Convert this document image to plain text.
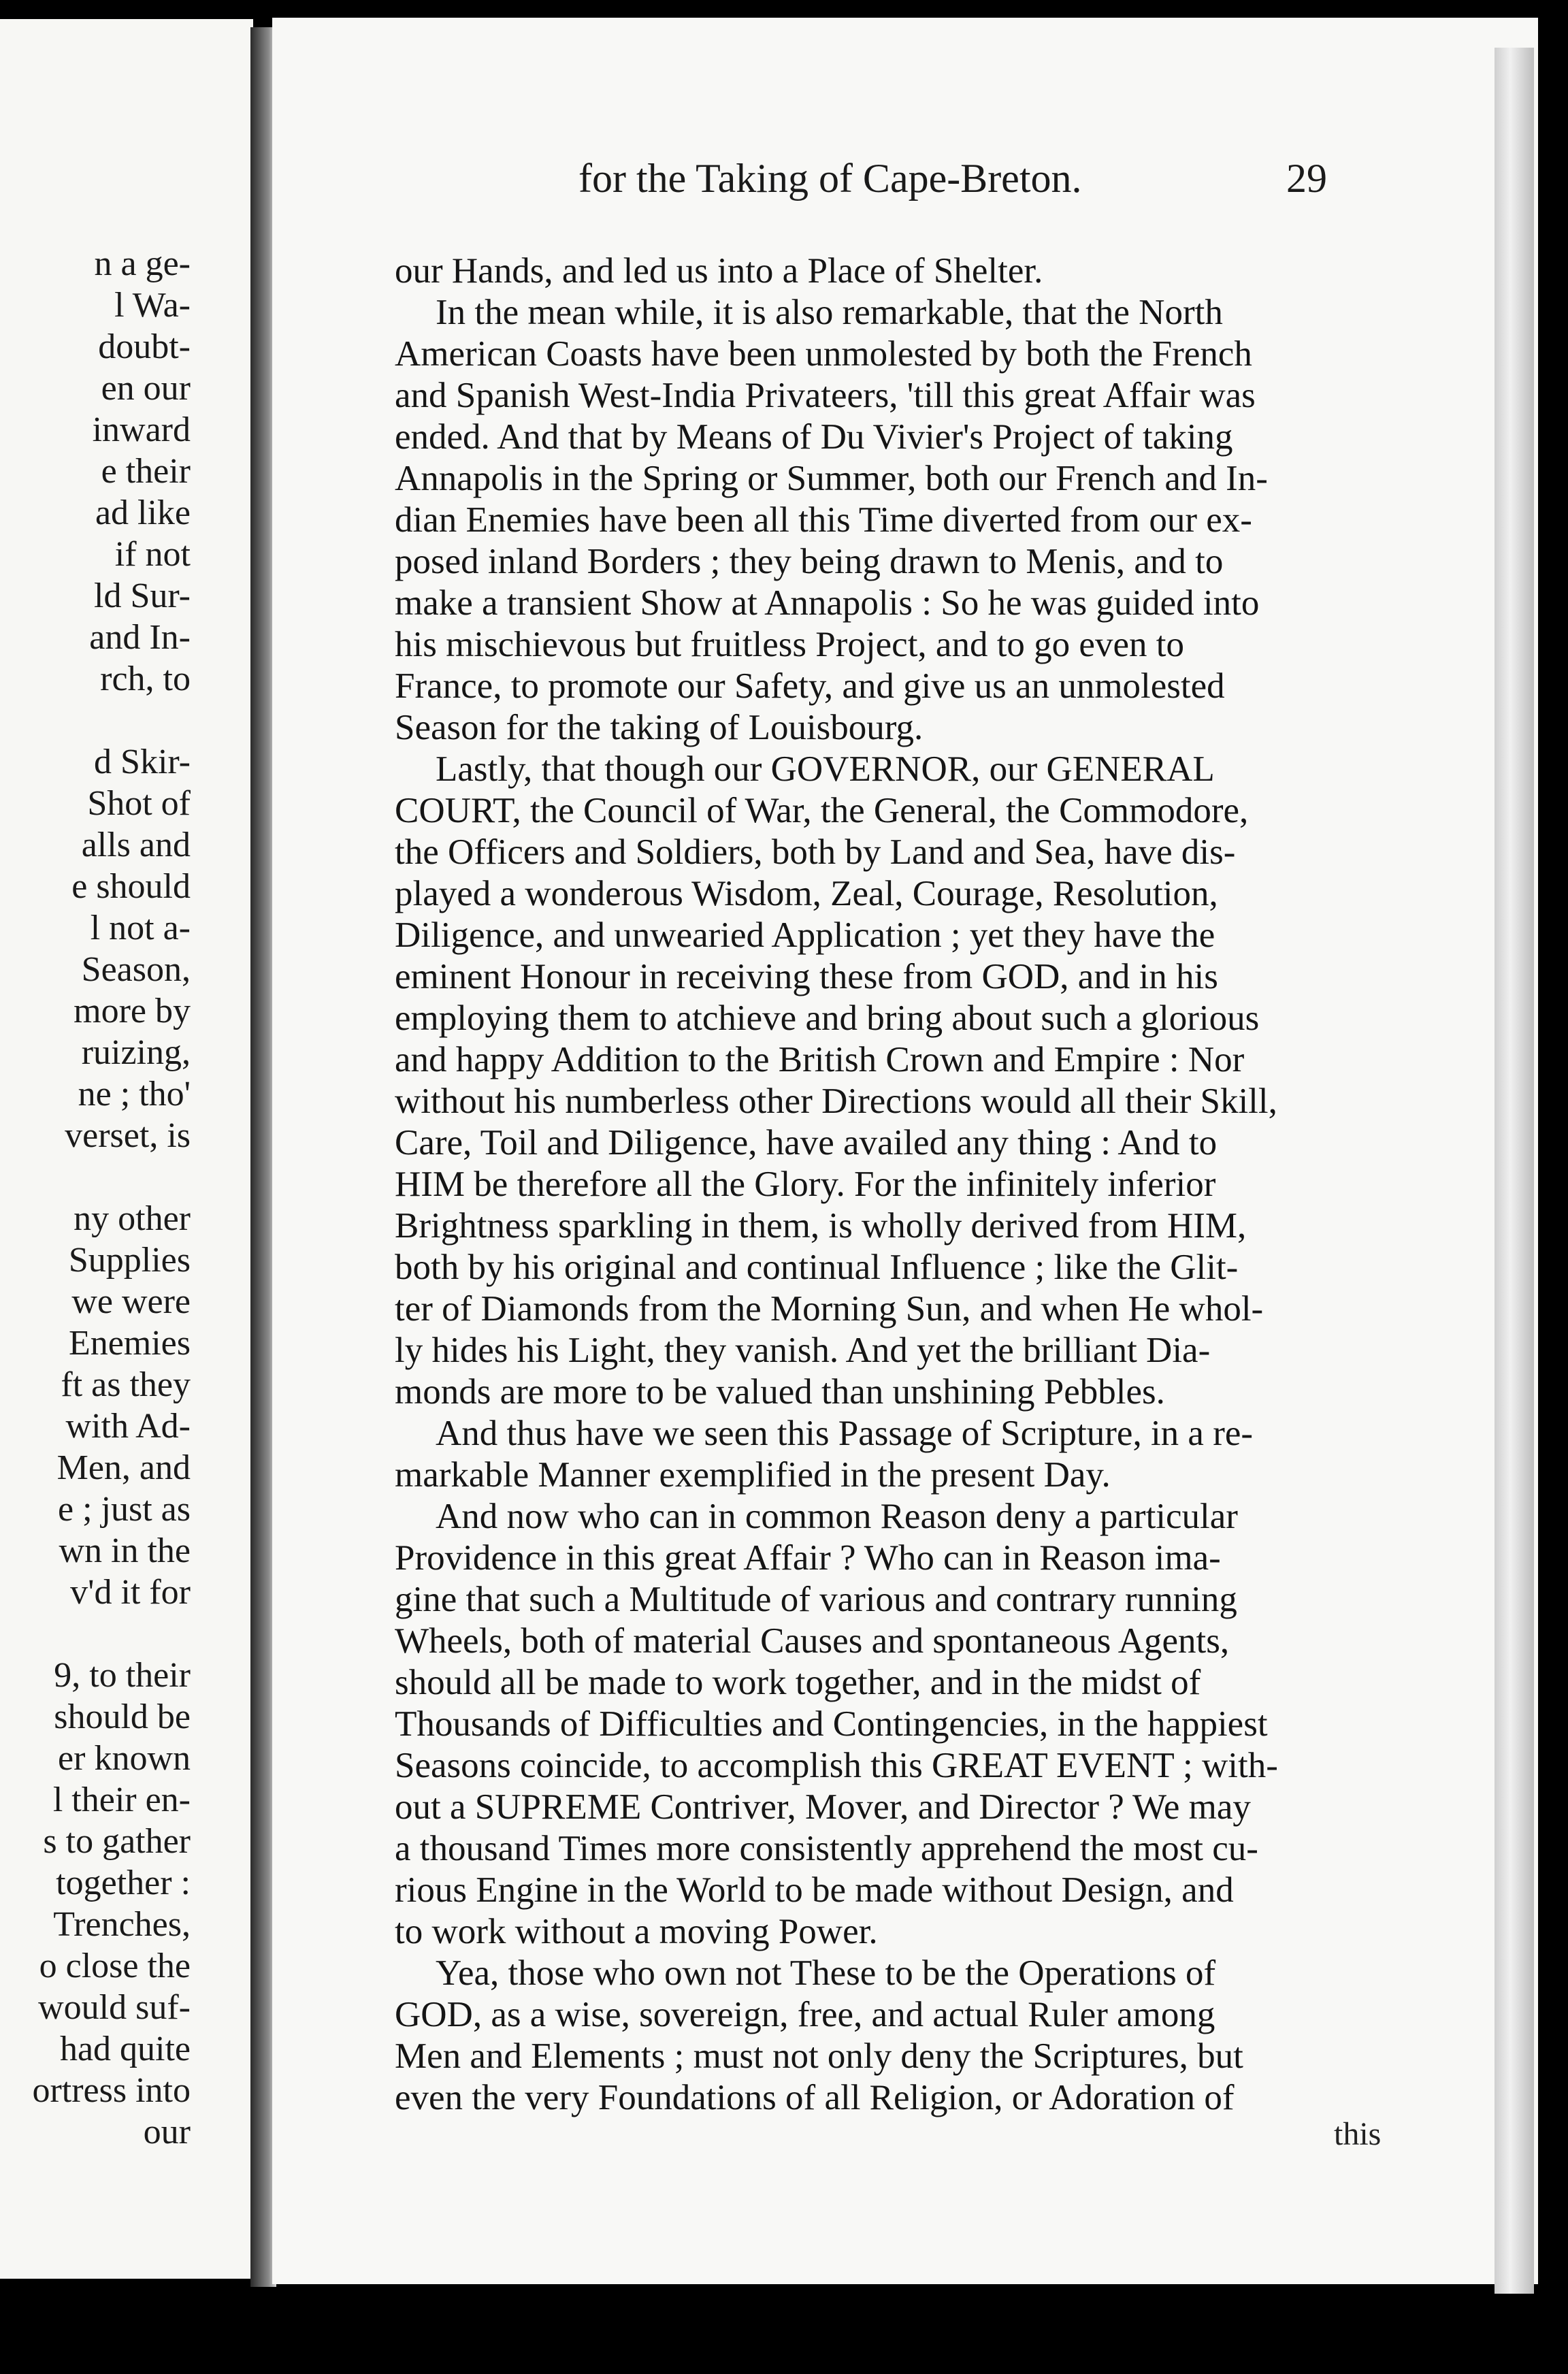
n a ge-
l Wa-
doubt-
en our
inward
e their
ad like
if not
ld Sur-
and In-
rch, to
d Skir-
Shot of
alls and
e should
l not a-
Season,
more by
ruizing,
ne ; tho'
verset, is
ny other
Supplies
we were
Enemies
ft as they
with Ad-
Men, and
e ; just as
wn in the
v'd it for
9, to their
should be
er known
l their en-
s to gather
together :
Trenches,
o close the
would suf-
had quite
ortress into
our
for the Taking of Cape-Breton.	29
our Hands, and led us into a Place of Shelter.
In the mean while, it is also remarkable, that the North
American Coasts have been unmolested by both the French
and Spanish West-India Privateers, 'till this great Affair was
ended. And that by Means of Du Vivier's Project of taking
Annapolis in the Spring or Summer, both our French and In-
dian Enemies have been all this Time diverted from our ex-
posed inland Borders ; they being drawn to Menis, and to
make a transient Show at Annapolis : So he was guided into
his mischievous but fruitless Project, and to go even to
France, to promote our Safety, and give us an unmolested
Season for the taking of Louisbourg.
Lastly, that though our GOVERNOR, our GENERAL
COURT, the Council of War, the General, the Commodore,
the Officers and Soldiers, both by Land and Sea, have dis-
played a wonderous Wisdom, Zeal, Courage, Resolution,
Diligence, and unwearied Application ; yet they have the
eminent Honour in receiving these from GOD, and in his
employing them to atchieve and bring about such a glorious
and happy Addition to the British Crown and Empire : Nor
without his numberless other Directions would all their Skill,
Care, Toil and Diligence, have availed any thing : And to
HIM be therefore all the Glory. For the infinitely inferior
Brightness sparkling in them, is wholly derived from HIM,
both by his original and continual Influence ; like the Glit-
ter of Diamonds from the Morning Sun, and when He whol-
ly hides his Light, they vanish. And yet the brilliant Dia-
monds are more to be valued than unshining Pebbles.
And thus have we seen this Passage of Scripture, in a re-
markable Manner exemplified in the present Day.
And now who can in common Reason deny a particular
Providence in this great Affair ? Who can in Reason ima-
gine that such a Multitude of various and contrary running
Wheels, both of material Causes and spontaneous Agents,
should all be made to work together, and in the midst of
Thousands of Difficulties and Contingencies, in the happiest
Seasons coincide, to accomplish this GREAT EVENT ; with-
out a SUPREME Contriver, Mover, and Director ? We may
a thousand Times more consistently apprehend the most cu-
rious Engine in the World to be made without Design, and
to work without a moving Power.
Yea, those who own not These to be the Operations of
GOD, as a wise, sovereign, free, and actual Ruler among
Men and Elements ; must not only deny the Scriptures, but
even the very Foundations of all Religion, or Adoration of
this
